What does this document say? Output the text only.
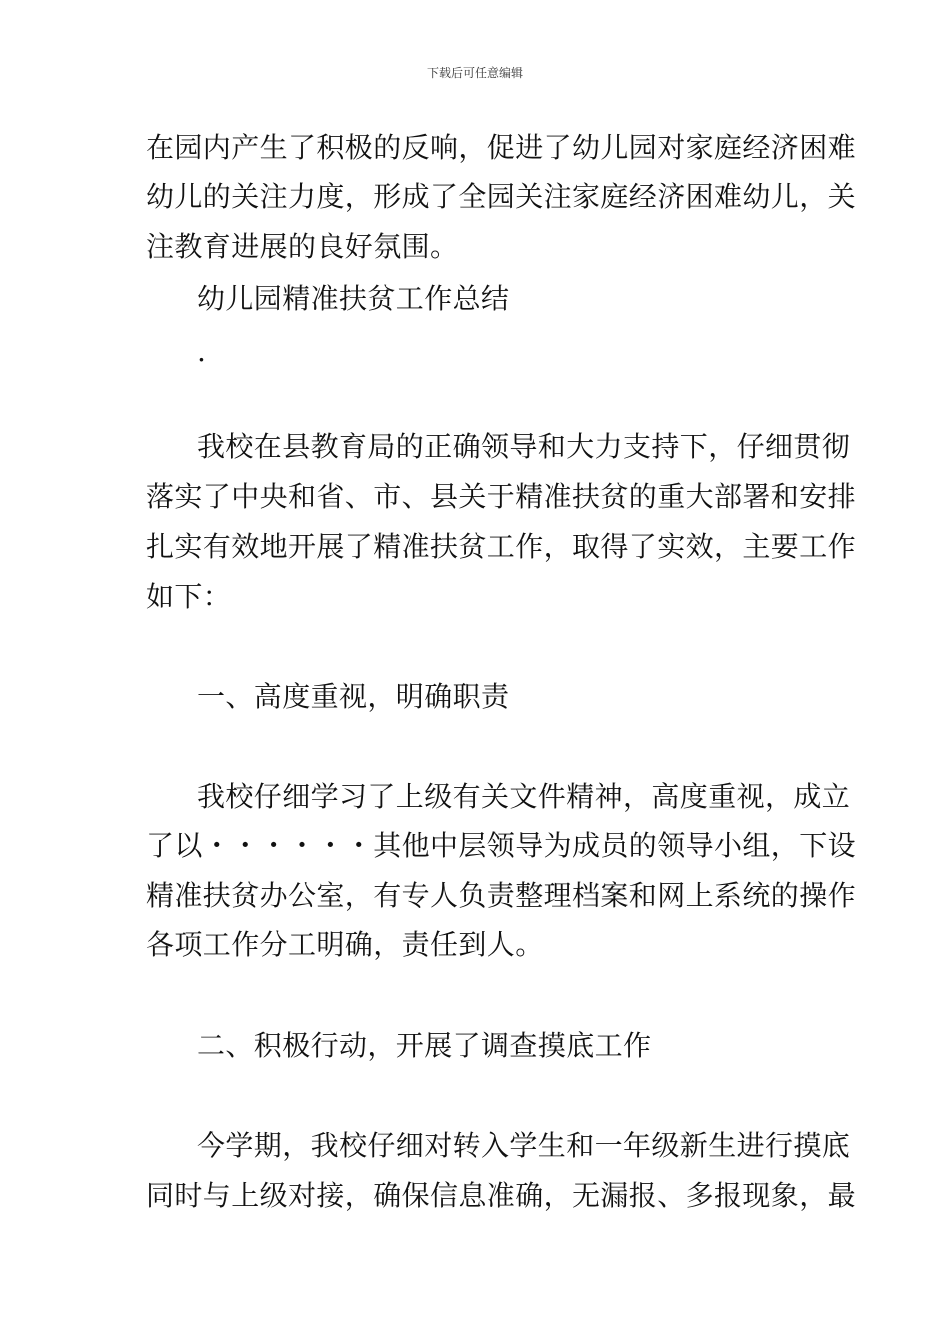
下载后可任意编辑
在园内产生了积极的反响，促进了幼儿园对家庭经济困难
幼儿的关注力度，形成了全园关注家庭经济困难幼儿，关
注教育进展的良好氛围。
幼儿园精准扶贫工作总结
.
我校在县教育局的正确领导和大力支持下，仔细贯彻
落实了中央和省、市、县关于精准扶贫的重大部署和安排
扎实有效地开展了精准扶贫工作，取得了实效，主要工作
如下：
一、高度重视，明确职责
我校仔细学习了上级有关文件精神，高度重视，成立
了以・・・・・・其他中层领导为成员的领导小组，下设
精准扶贫办公室，有专人负责整理档案和网上系统的操作
各项工作分工明确，责任到人。
二、积极行动，开展了调查摸底工作
今学期，我校仔细对转入学生和一年级新生进行摸底
同时与上级对接，确保信息准确，无漏报、多报现象，最
